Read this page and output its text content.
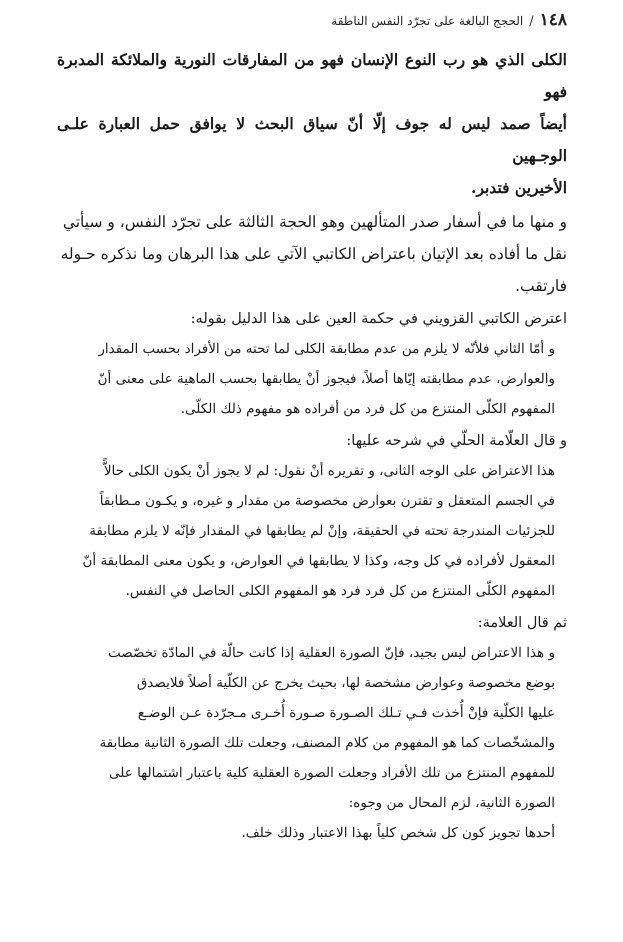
١٤٨
/
الحجج البالغة على تجرّد النفس الناطقة

الكلى الذي هو رب النوع الإنسان فهو من المفارقات النورية والملائكة المدبرة فهو
أيضاً صمد ليس له جوف إلّا أنّ سياق البحث لا يوافق حمل العبارة علـى الوجـهين
الأخيرين فتدبر.

و منها ما في أسفار صدر المتألهين وهو الحجة الثالثة على تجرّد النفس، و سيأتي
نقل ما أفاده بعد الإتيان باعتراض الكاتبي الآتي على هذا البرهان وما نذكره حـوله
فارتقب.

اعترض الكاتبي القزويني في حكمة العين على هذا الدليل بقوله:

و أمّا الثاني فلأنّه لا يلزم من عدم مطابقة الكلى لما تحته من الأفراد بحسب المقدار
والعوارض، عدم مطابقته إيّاها أصلاً، فيجوز أنْ يطابقها بحسب الماهية على معنى أنّ
المفهوم الكلّى المنتزع من كل فرد من أفراده هو مفهوم ذلك الكلّى.

و قال العلّامة الحلّي في شرحه عليها:

هذا الاعتراض على الوجه الثانى، و تقريره أنْ نقول: لم لا يجوز أنْ يكون الكلى حالاًّ
في الجسم المتعقل و تقترن بعوارض مخصوصة من مقدار و غيره، و يكـون مـطابقاً
للجزئيات المندرجة تحته في الحقيقة، وإنْ لم يطابقها في المقدار فإنّه لا يلزم مطابقة
المعقول لأفراده في كل وجه، وكذا لا يطابقها في العوارض، و يكون معنى المطابقة أنّ
المفهوم الكلّى المنتزع من كل فرد فرد هو المفهوم الكلى الحاصل في النفس.

ثم قال العلامة:

و هذا الاعتراض ليس بجيد، فإنّ الصورة العقلية إذا كانت حالّة في المادّة تخصّصت
بوضع مخصوصة وعوارض مشخصة لها، بحيث يخرج عن الكلّية أصلاً فلايصدق
عليها الكلّية فإنْ أُخذت فـي تـلك الصـورة صـورة أُخـرى مـجرّدة عـن الوضـع
والمشخّصات كما هو المفهوم من كلام المصنف، وجعلت تلك الصورة الثانية مطابقة
للمفهوم المنتزع من تلك الأفراد وجعلت الصورة العقلية كلية باعتبار اشتمالها على
الصورة الثانية، لزم المحال من وجوه:
أحدها تجويز كون كل شخص كلياً بهذا الاعتبار وذلك خلف.
